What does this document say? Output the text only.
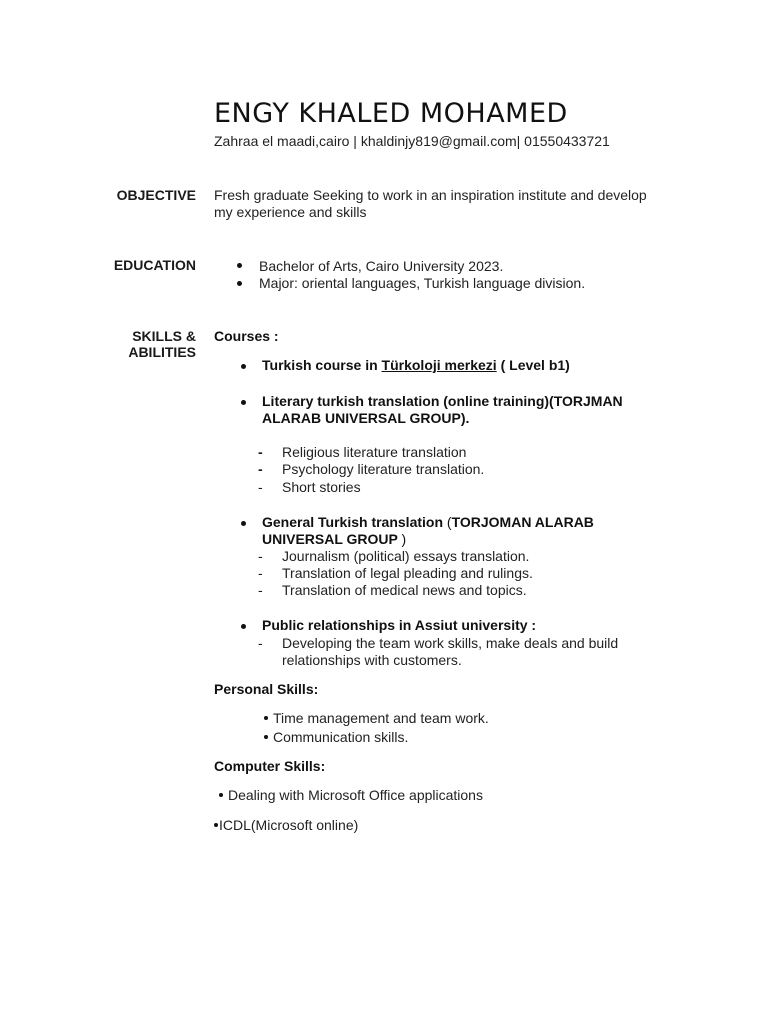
ENGY KHALED MOHAMED
Zahraa el maadi,cairo | khaldinjy819@gmail.com| 01550433721
OBJECTIVE Fresh graduate Seeking to work in an inspiration institute and develop
my experience and skills
EDUCATION	Bachelor of Arts, Cairo University 2023.
Major: oriental languages, Turkish language division.
SKILLS &
ABILITIES
Courses :
Turkish course in Türkoloji merkezi ( Level b1)
Literary turkish translation (online training)(TORJMAN
ALARAB UNIVERSAL GROUP).
- Religious literature translation
- Psychology literature translation.
- Short stories
General Turkish translation (TORJOMAN ALARAB
UNIVERSAL GROUP )
- Journalism (political) essays translation.
- Translation of legal pleading and rulings.
- Translation of medical news and topics.
Public relationships in Assiut university :
- Developing the team work skills, make deals and build
relationships with customers.
Personal Skills:
Time management and team work.
Communication skills.
Computer Skills:
Dealing with Microsoft Office applications
ICDL(Microsoft online)
